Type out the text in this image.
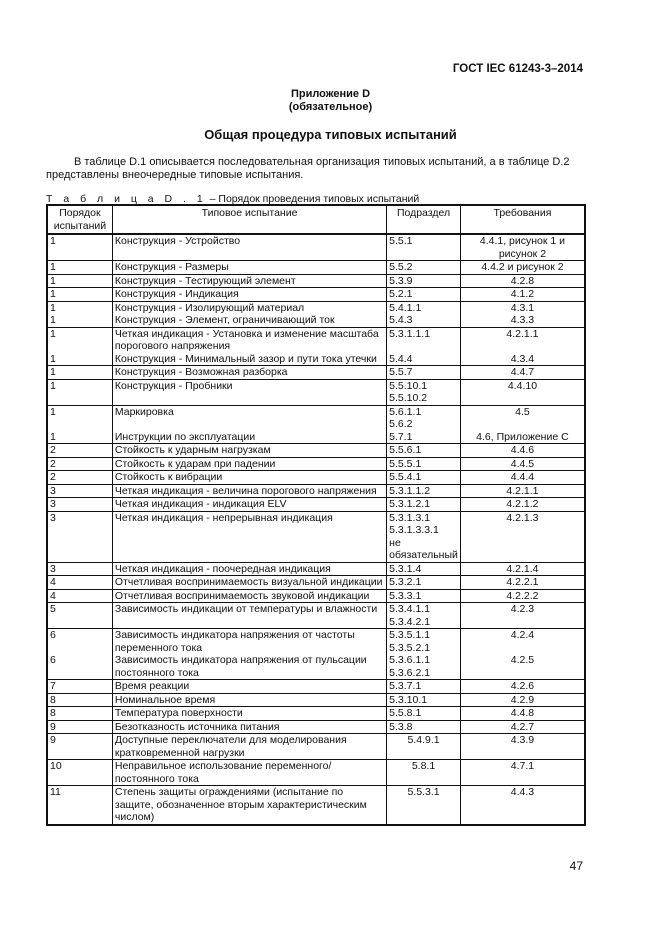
ГОСТ IEC 61243-3–2014
Приложение D
(обязательное)
Общая процедура типовых испытаний
В таблице D.1 описывается последовательная организация типовых испытаний, а в таблице D.2 представлены внеочередные типовые испытания.
Т а б л и ц а D . 1 – Порядок проведения типовых испытаний
Порядок испытаний	Типовое испытание	Подраздел	Требования
1	Конструкция - Устройство	5.5.1	4.4.1, рисунок 1 и рисунок 2
1	Конструкция - Размеры	5.5.2	4.4.2 и рисунок 2
1	Конструкция - Тестирующий элемент	5.3.9	4.2.8
1	Конструкция - Индикация	5.2.1	4.1.2
1	Конструкция - Изолирующий материал	5.4.1.1	4.3.1
1	Конструкция - Элемент, ограничивающий ток	5.4.3	4.3.3
1	Четкая индикация - Установка и изменение масштаба порогового напряжения	5.3.1.1.1	4.2.1.1
1	Конструкция - Минимальный зазор и пути тока утечки	5.4.4	4.3.4
1	Конструкция - Возможная разборка	5.5.7	4.4.7
1	Конструкция - Пробники	5.5.10.1 5.5.10.2	4.4.10
1	Маркировка	5.6.1.1 5.6.2	4.5
1	Инструкции по эксплуатации	5.7.1	4.6, Приложение C
2	Стойкость к ударным нагрузкам	5.5.6.1	4.4.6
2	Стойкость к ударам при падении	5.5.5.1	4.4.5
2	Стойкость к вибрации	5.5.4.1	4.4.4
3	Четкая индикация - величина порогового напряжения	5.3.1.1.2	4.2.1.1
3	Четкая индикация - индикация ELV	5.3.1.2.1	4.2.1.2
3	Четкая индикация - непрерывная индикация	5.3.1.3.1 5.3.1.3.3.1 не обязательный	4.2.1.3
3	Четкая индикация - поочередная индикация	5.3.1.4	4.2.1.4
4	Отчетливая воспринимаемость визуальной индикации	5.3.2.1	4.2.2.1
4	Отчетливая воспринимаемость звуковой индикации	5.3.3.1	4.2.2.2
5	Зависимость индикации от температуры и влажности	5.3.4.1.1 5.3.4.2.1	4.2.3
6	Зависимость индикатора напряжения от частоты переменного тока	5.3.5.1.1 5.3.5.2.1	4.2.4
6	Зависимость индикатора напряжения от пульсации постоянного тока	5.3.6.1.1 5.3.6.2.1	4.2.5
7	Время реакции	5.3.7.1	4.2.6
8	Номинальное время	5.3.10.1	4.2.9
8	Температура поверхности	5.5.8.1	4.4.8
9	Безотказность источника питания	5.3.8	4.2.7
9	Доступные переключатели для моделирования кратковременной нагрузки	5.4.9.1	4.3.9
10	Неправильное использование переменного/постоянного тока	5.8.1	4.7.1
11	Степень защиты ограждениями (испытание по защите, обозначенное вторым характеристическим числом)	5.5.3.1	4.4.3
47
